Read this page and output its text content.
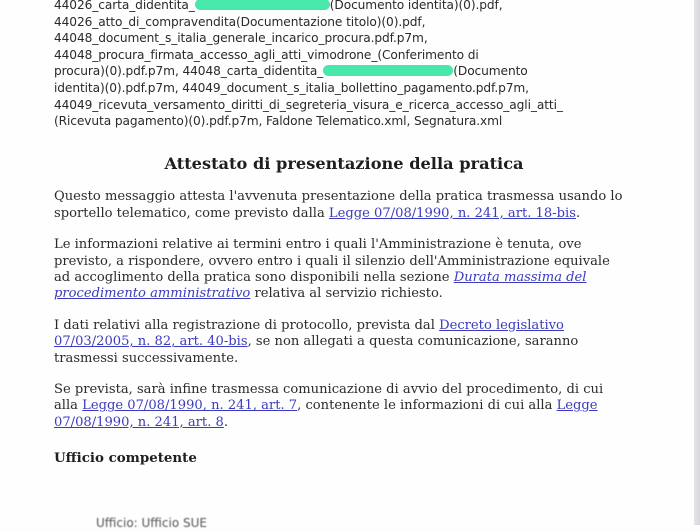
44026_carta_didentita_	(Documento identita)(0).pdf,
44026_atto_di_compravendita(Documentazione titolo)(0).pdf,
44048_document_s_italia_generale_incarico_procura.pdf.p7m,
44048_procura_firmata_accesso_agli_atti_vimodrone_(Conferimento di
procura)(0).pdf.p7m, 44048_carta_didentita_	(Documento
identita)(0).pdf.p7m, 44049_document_s_italia_bollettino_pagamento.pdf.p7m,
44049_ricevuta_versamento_diritti_di_segreteria_visura_e_ricerca_accesso_agli_atti_
(Ricevuta pagamento)(0).pdf.p7m, Faldone Telematico.xml, Segnatura.xml
Attestato di presentazione della pratica

Questo messaggio attesta l'avvenuta presentazione della pratica trasmessa usando lo sportello telematico, come previsto dalla Legge 07/08/1990, n. 241, art. 18-bis.

Le informazioni relative ai termini entro i quali l'Amministrazione è tenuta, ove previsto, a rispondere, ovvero entro i quali il silenzio dell'Amministrazione equivale ad accoglimento della pratica sono disponibili nella sezione Durata massima del procedimento amministrativo relativa al servizio richiesto.

I dati relativi alla registrazione di protocollo, prevista dal Decreto legislativo 07/03/2005, n. 82, art. 40-bis, se non allegati a questa comunicazione, saranno trasmessi successivamente.

Se prevista, sarà infine trasmessa comunicazione di avvio del procedimento, di cui alla Legge 07/08/1990, n. 241, art. 7, contenente le informazioni di cui alla Legge 07/08/1990, n. 241, art. 8.

Ufficio competente
Ufficio: Ufficio SUE
